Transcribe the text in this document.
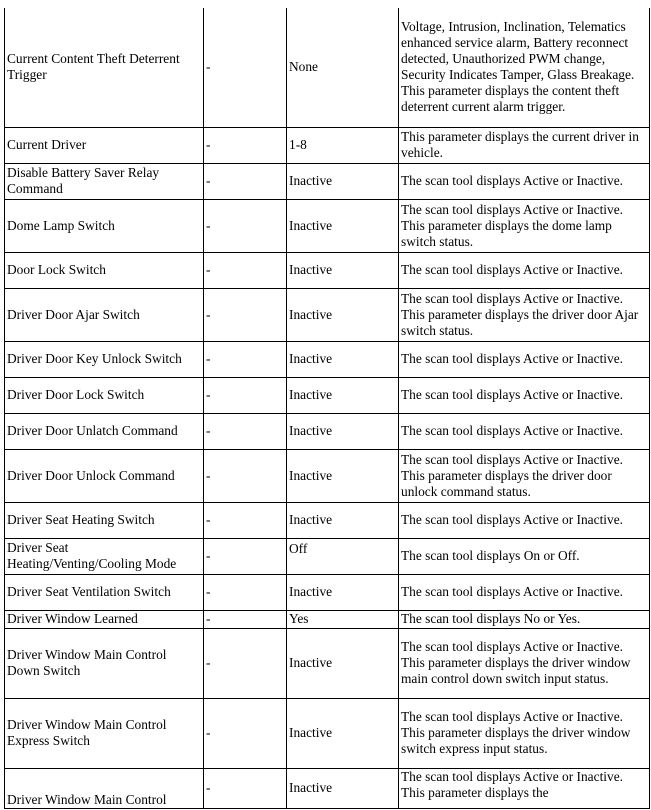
Current Content Theft Deterrent Trigger	-	None	Voltage, Intrusion, Inclination, Telematics enhanced service alarm, Battery reconnect detected, Unauthorized PWM change, Security Indicates Tamper, Glass Breakage. This parameter displays the content theft deterrent current alarm trigger.
Current Driver	-	1-8	This parameter displays the current driver in vehicle.
Disable Battery Saver Relay Command	-	Inactive	The scan tool displays Active or Inactive.
Dome Lamp Switch	-	Inactive	The scan tool displays Active or Inactive. This parameter displays the dome lamp switch status.
Door Lock Switch	-	Inactive	The scan tool displays Active or Inactive.
Driver Door Ajar Switch	-	Inactive	The scan tool displays Active or Inactive. This parameter displays the driver door Ajar switch status.
Driver Door Key Unlock Switch	-	Inactive	The scan tool displays Active or Inactive.
Driver Door Lock Switch	-	Inactive	The scan tool displays Active or Inactive.
Driver Door Unlatch Command	-	Inactive	The scan tool displays Active or Inactive.
Driver Door Unlock Command	-	Inactive	The scan tool displays Active or Inactive. This parameter displays the driver door unlock command status.
Driver Seat Heating Switch	-	Inactive	The scan tool displays Active or Inactive.
Driver Seat Heating/Venting/Cooling Mode	-	Off	The scan tool displays On or Off.
Driver Seat Ventilation Switch	-	Inactive	The scan tool displays Active or Inactive.
Driver Window Learned	-	Yes	The scan tool displays No or Yes.
Driver Window Main Control Down Switch	-	Inactive	The scan tool displays Active or Inactive. This parameter displays the driver window main control down switch input status.
Driver Window Main Control Express Switch	-	Inactive	The scan tool displays Active or Inactive. This parameter displays the driver window switch express input status.
Driver Window Main Control	-	Inactive	The scan tool displays Active or Inactive. This parameter displays the
